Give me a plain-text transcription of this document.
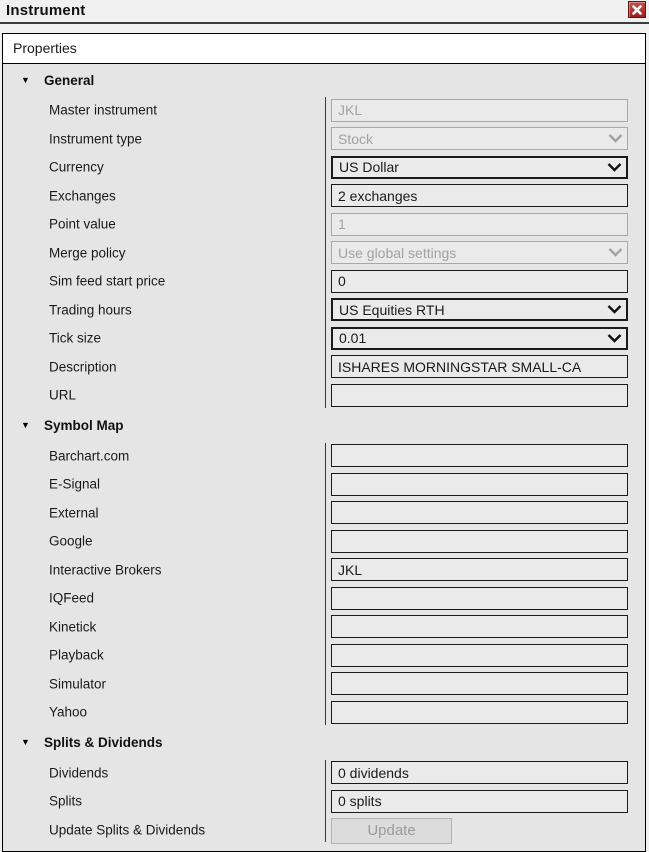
Instrument
Properties
▼ General
Master instrument	JKL
Instrument type	Stock
Currency	US Dollar
Exchanges	2 exchanges
Point value	1
Merge policy	Use global settings
Sim feed start price	0
Trading hours	US Equities RTH
Tick size	0.01
Description	ISHARES MORNINGSTAR SMALL-CA
URL
▼ Symbol Map
Barchart.com
E-Signal
External
Google
Interactive Brokers	JKL
IQFeed
Kinetick
Playback
Simulator
Yahoo
▼ Splits & Dividends
Dividends	0 dividends
Splits	0 splits
Update Splits & Dividends	Update
